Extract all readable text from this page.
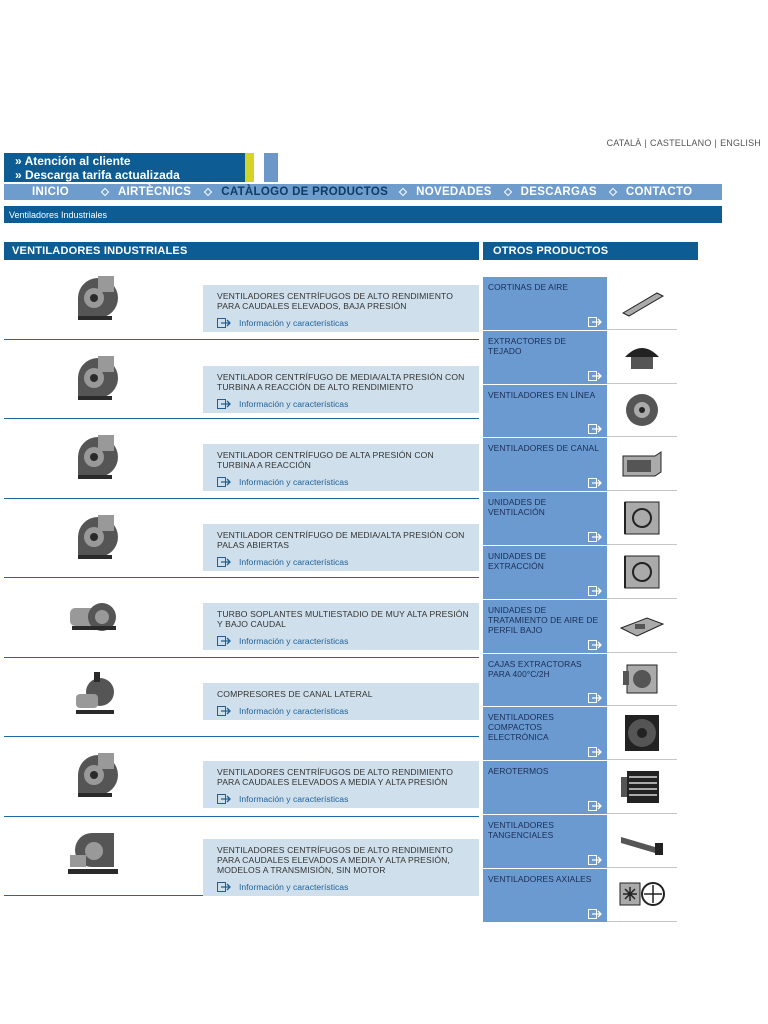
CATALÀ | CASTELLANO | ENGLISH
» Atención al cliente
» Descarga tarifa actualizada
INICIO	AIRTÈCNICS	CATÀLOGO DE PRODUCTOS NOVEDADES	DESCARGAS	CONTACTO
Ventiladores Industriales
VENTILADORES INDUSTRIALES	OTROS PRODUCTOS
VENTILADORES CENTRÍFUGOS DE ALTO RENDIMIENTO PARA CAUDALES ELEVADOS, BAJA PRESIÓN
Información y características
VENTILADOR CENTRÍFUGO DE MEDIA/ALTA PRESIÓN CON TURBINA A REACCIÓN DE ALTO RENDIMIENTO
Información y características
VENTILADOR CENTRÍFUGO DE ALTA PRESIÓN CON TURBINA A REACCIÓN
Información y características
VENTILADOR CENTRÍFUGO DE MEDIA/ALTA PRESIÓN CON PALAS ABIERTAS
Información y características
TURBO SOPLANTES MULTIESTADIO DE MUY ALTA PRESIÓN Y BAJO CAUDAL
Información y características
COMPRESORES DE CANAL LATERAL
Información y características
VENTILADORES CENTRÍFUGOS DE ALTO RENDIMIENTO PARA CAUDALES ELEVADOS A MEDIA Y ALTA PRESIÓN
Información y características
VENTILADORES CENTRÍFUGOS DE ALTO RENDIMIENTO PARA CAUDALES ELEVADOS A MEDIA Y ALTA PRESIÓN, MODELOS A TRANSMISIÓN, SIN MOTOR
Información y características
CORTINAS DE AIRE
EXTRACTORES DE TEJADO
VENTILADORES EN LÍNEA
VENTILADORES DE CANAL
UNIDADES DE VENTILACIÓN
UNIDADES DE EXTRACCIÓN
UNIDADES DE TRATAMIENTO DE AIRE DE PERFIL BAJO
CAJAS EXTRACTORAS PARA 400°C/2H
VENTILADORES COMPACTOS ELECTRÓNICA
AEROTERMOS
VENTILADORES TANGENCIALES
VENTILADORES AXIALES
